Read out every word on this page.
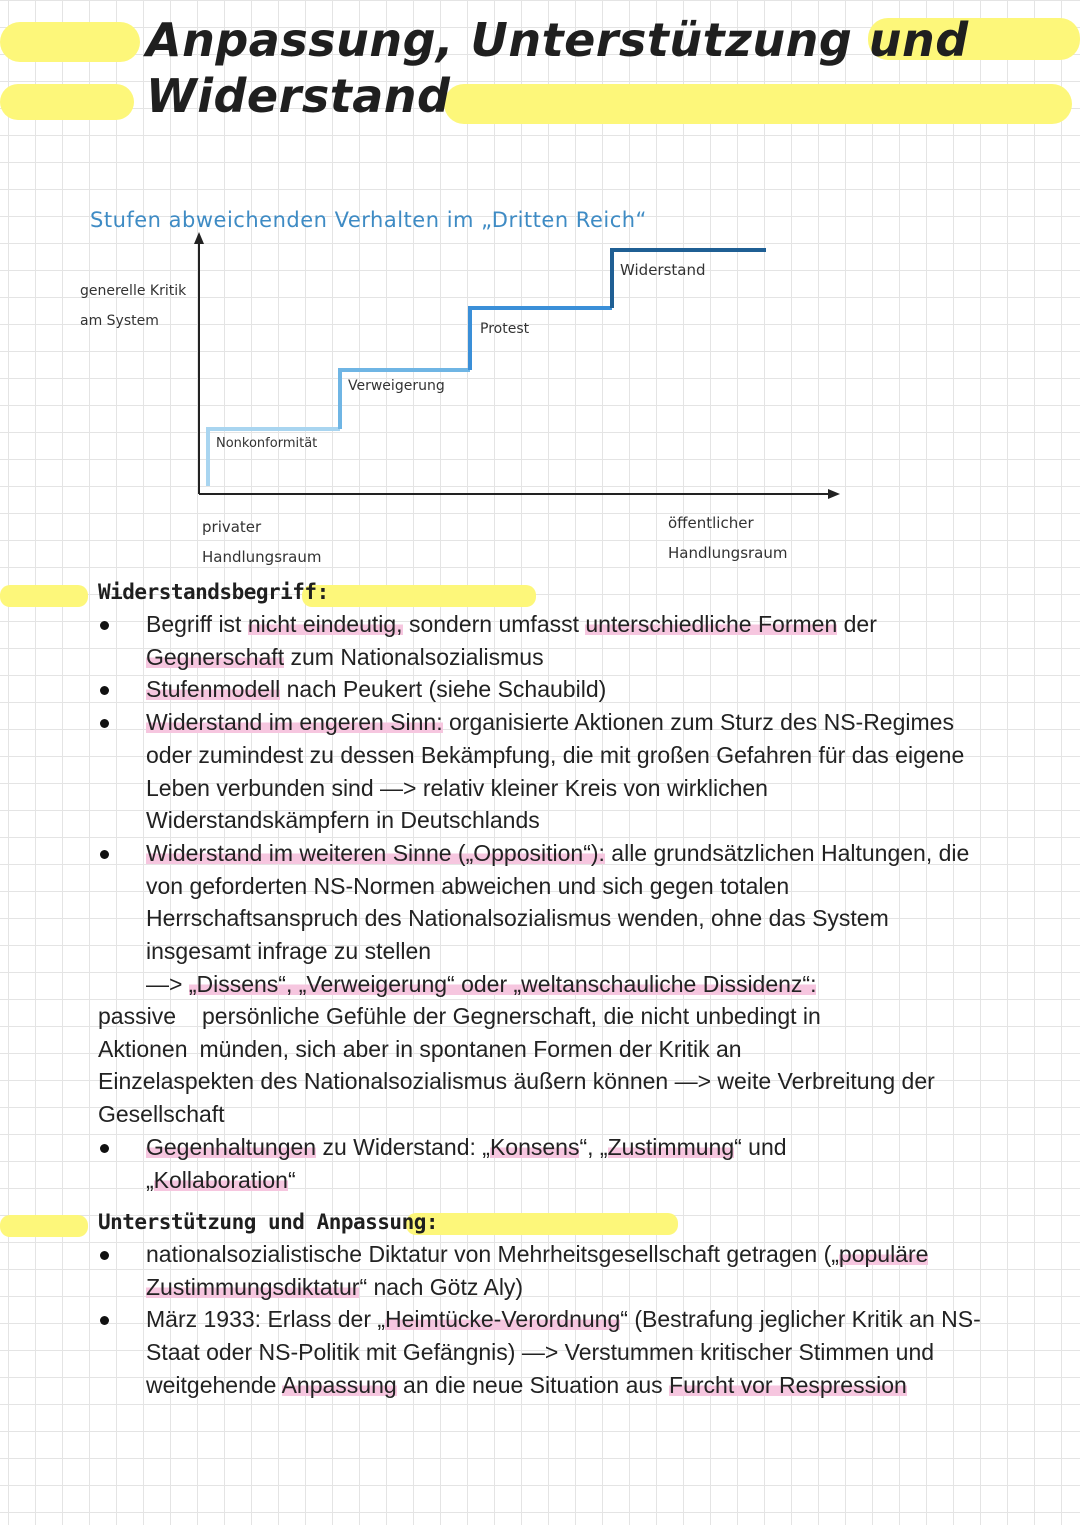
Anpassung, Unterstützung und
Widerstand
Stufen abweichenden Verhalten im „Dritten Reich“
generelle Kritik
am System
Nonkonformität
Verweigerung
Protest
Widerstand
privater
Handlungsraum
öffentlicher
Handlungsraum
Widerstandsbegriff:
Begriff ist nicht eindeutig, sondern umfasst unterschiedliche Formen der Gegnerschaft zum Nationalsozialismus
Stufenmodell nach Peukert (siehe Schaubild)
Widerstand im engeren Sinn: organisierte Aktionen zum Sturz des NS-Regimes oder zumindest zu dessen Bekämpfung, die mit großen Gefahren für das eigene Leben verbunden sind —> relativ kleiner Kreis von wirklichen Widerstandskämpfern in Deutschlands
Widerstand im weiteren Sinne („Opposition“): alle grundsätzlichen Haltungen, die von geforderten NS-Normen abweichen und sich gegen totalen Herrschaftsanspruch des Nationalsozialismus wenden, ohne das System insgesamt infrage zu stellen
—> „Dissens“, „Verweigerung“ oder „weltanschauliche Dissidenz“:
passive persönliche Gefühle der Gegnerschaft, die nicht unbedingt in
Aktionen münden, sich aber in spontanen Formen der Kritik an
Einzelaspekten des Nationalsozialismus äußern können —> weite Verbreitung der Gesellschaft
Gegenhaltungen zu Widerstand: „Konsens“, „Zustimmung“ und „Kollaboration“
Unterstützung und Anpassung:
nationalsozialistische Diktatur von Mehrheitsgesellschaft getragen („populäre Zustimmungsdiktatur“ nach Götz Aly)
März 1933: Erlass der „Heimtücke-Verordnung“ (Bestrafung jeglicher Kritik an NS-Staat oder NS-Politik mit Gefängnis) —> Verstummen kritischer Stimmen und weitgehende Anpassung an die neue Situation aus Furcht vor Respression
